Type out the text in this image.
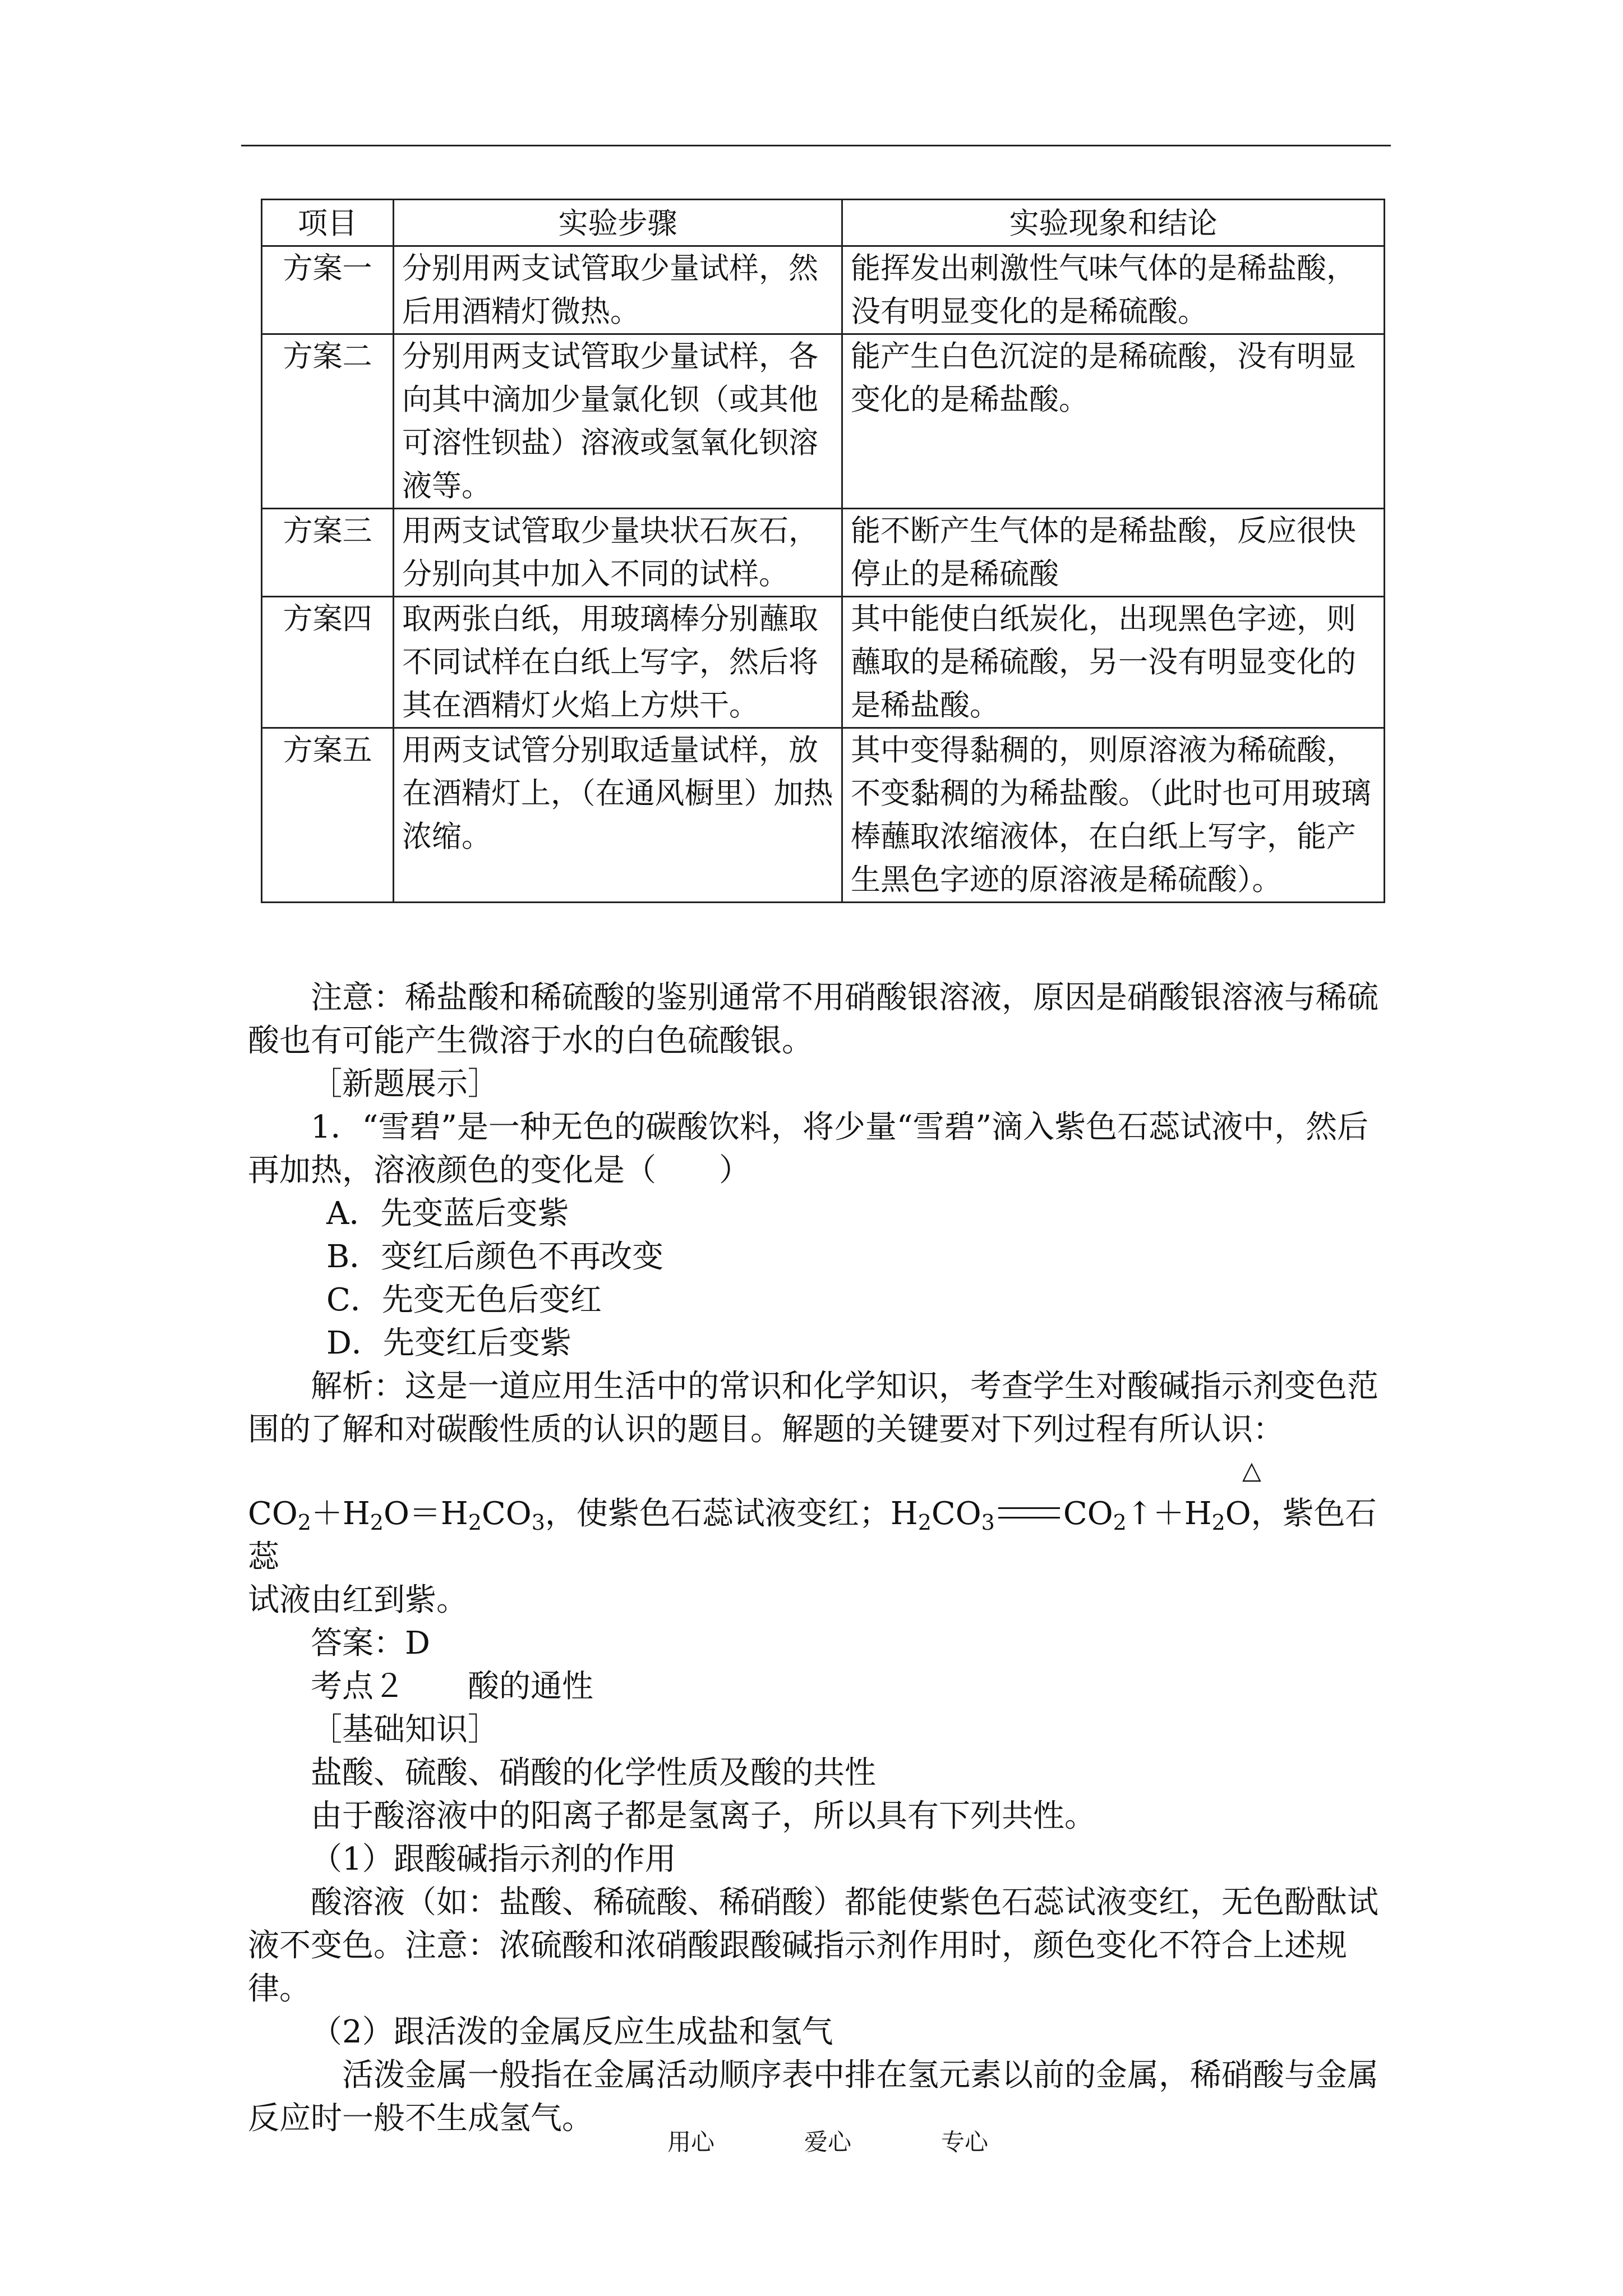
项目	实验步骤	实验现象和结论
方案一	分别用两支试管取少量试样，然后用酒精灯微热。	能挥发出刺激性气味气体的是稀盐酸，没有明显变化的是稀硫酸。
方案二	分别用两支试管取少量试样，各向其中滴加少量氯化钡（或其他可溶性钡盐）溶液或氢氧化钡溶液等。	能产生白色沉淀的是稀硫酸，没有明显变化的是稀盐酸。
方案三	用两支试管取少量块状石灰石，分别向其中加入不同的试样。	能不断产生气体的是稀盐酸，反应很快停止的是稀硫酸
方案四	取两张白纸，用玻璃棒分别蘸取不同试样在白纸上写字，然后将其在酒精灯火焰上方烘干。	其中能使白纸炭化，出现黑色字迹，则蘸取的是稀硫酸，另一没有明显变化的是稀盐酸。
方案五	用两支试管分别取适量试样，放在酒精灯上，（在通风橱里）加热浓缩。	其中变得黏稠的，则原溶液为稀硫酸，不变黏稠的为稀盐酸。（此时也可用玻璃棒蘸取浓缩液体，在白纸上写字，能产生黑色字迹的原溶液是稀硫酸）。

注意：稀盐酸和稀硫酸的鉴别通常不用硝酸银溶液，原因是硝酸银溶液与稀硫酸也有可能产生微溶于水的白色硫酸银。

［新题展示］

1．“雪碧”是一种无色的碳酸饮料，将少量“雪碧”滴入紫色石蕊试液中，然后再加热，溶液颜色的变化是（　　）

A．先变蓝后变紫

B．变红后颜色不再改变

C．先变无色后变红

D．先变红后变紫

解析：这是一道应用生活中的常识和化学知识，考查学生对酸碱指示剂变色范围的了解和对碳酸性质的认识的题目。解题的关键要对下列过程有所认识：

$CO_2+H_2O=H_2CO_3$，使紫色石蕊试液变红；$H_2CO_3$ $CO_2↑+H_2O$，紫色石蕊
△

试液由红到紫。

答案：D

考点２　　酸的通性

［基础知识］

盐酸、硫酸、硝酸的化学性质及酸的共性

由于酸溶液中的阳离子都是氢离子，所以具有下列共性。

（1）跟酸碱指示剂的作用

酸溶液（如：盐酸、稀硫酸、稀硝酸）都能使紫色石蕊试液变红，无色酚酞试液不变色。注意：浓硫酸和浓硝酸跟酸碱指示剂作用时，颜色变化不符合上述规律。

（2）跟活泼的金属反应生成盐和氢气

活泼金属一般指在金属活动顺序表中排在氢元素以前的金属，稀硝酸与金属反应时一般不生成氢气。

用心	爱心	专心
